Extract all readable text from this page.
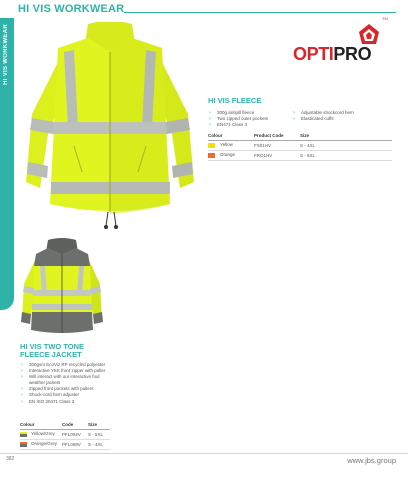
HI VIS WORKWEAR
HI VIS WORKWEAR
TM
OPTIPRO
HI VIS FLEECE
› 300g antipill fleece
› Two zipped outer pockets
› EN471 Class 3
› Adjustable shockcord hem
› Elasticated cuffs
Colour	Product Code	Size
Yellow	FS01HV	S - 4XL
Orange	FRO1HV	S - 6XL
HI VIS TWO TONE
FLEECE JACKET
› 300gsm EcoViz RP recycled polyester
› Interactive YKK front zipper with puller
› Will interact with our interactive foul weather jackets
› Zipped front pockets with pullers
› Shock-cord hem adjuster
› EN ISO 20471 Class 3
Colour	Code	Size

Yellow/Grey	PFL004V	S - 5XL

Orange/Grey	PFL009V	S - 4XL
382	www.jbs.group
